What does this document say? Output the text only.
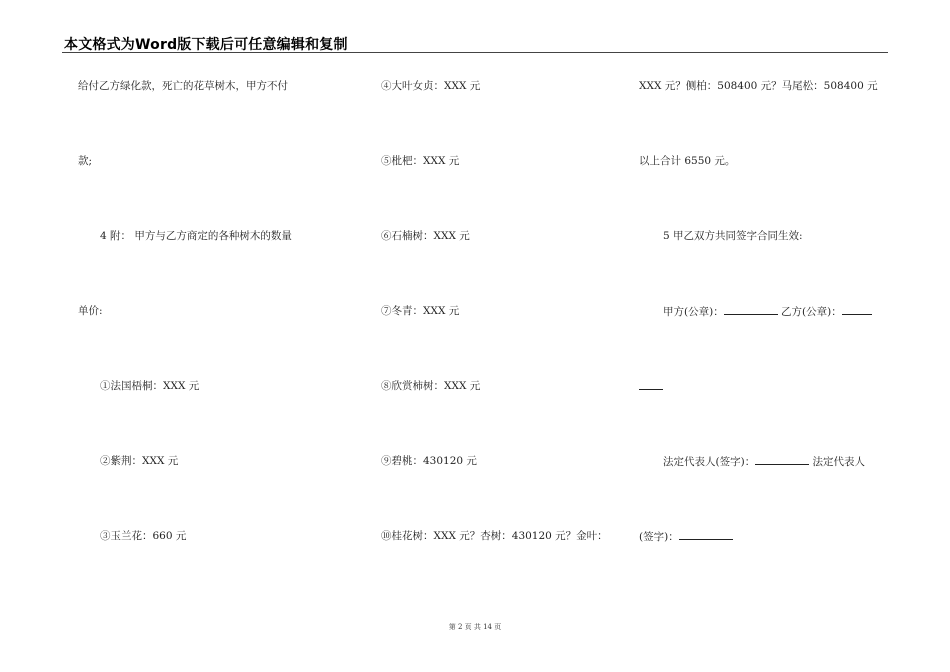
本文格式为Word版下载后可任意编辑和复制
给付乙方绿化款，死亡的花草树木，甲方不付
款;
4 附： 甲方与乙方商定的各种树木的数量
单价:
①法国梧桐：XXX 元
②紫荆：XXX 元
③玉兰花：660 元
④大叶女贞：XXX 元
⑤枇杷：XXX 元
⑥石楠树：XXX 元
⑦冬青：XXX 元
⑧欣赏柿树：XXX 元
⑨碧桃：430120 元
⑩桂花树：XXX 元？杏树：430120 元？金叶：
XXX 元？侧柏：508400 元？马尾松：508400 元
以上合计 6550 元。
5 甲乙双方共同签字合同生效:
甲方(公章)：	乙方(公章)：
法定代表人(签字)：	法定代表人
(签字)：
第 2 页 共 14 页
